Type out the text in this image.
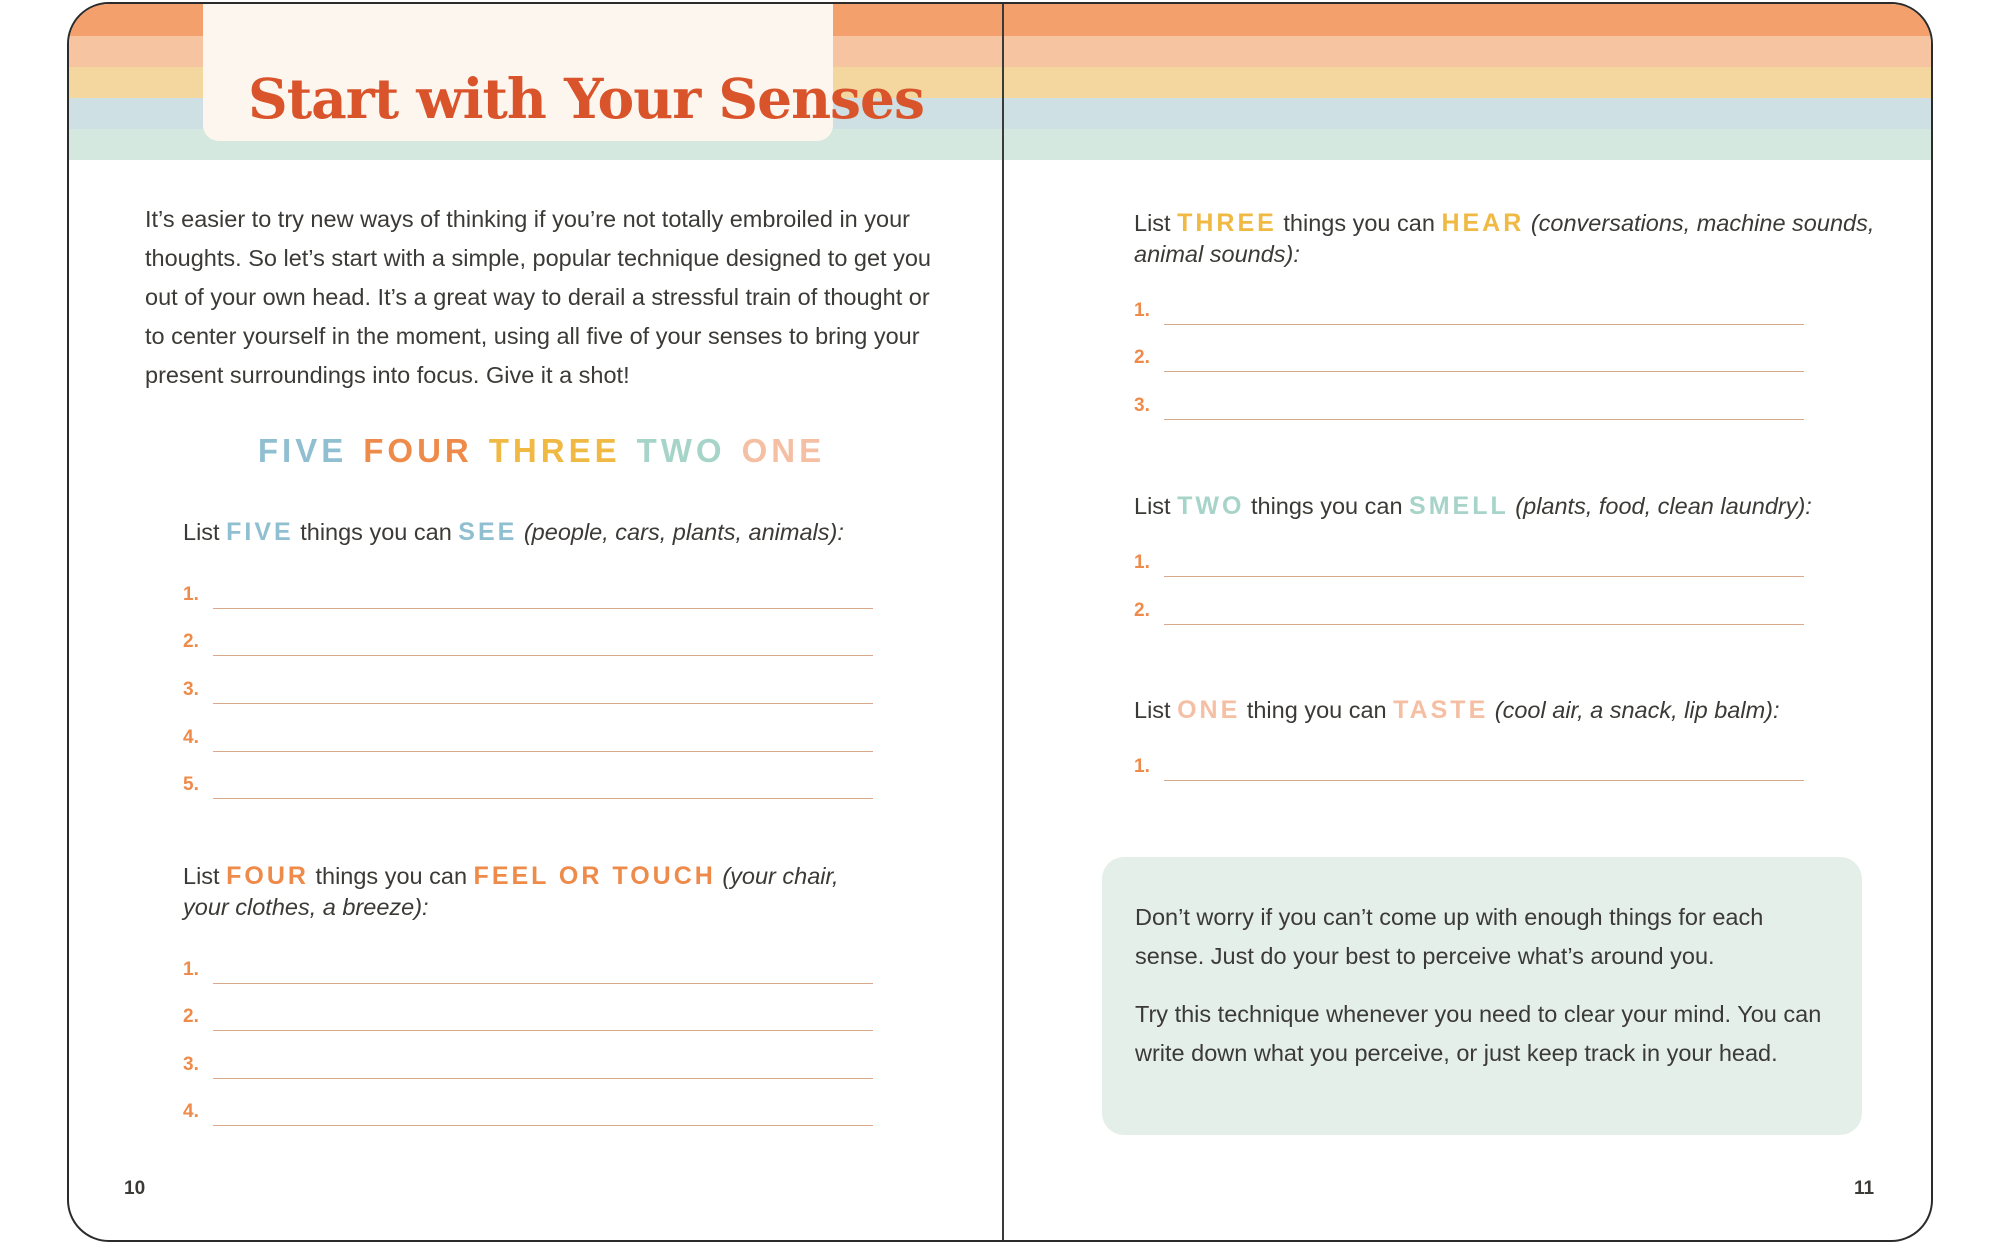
Start with Your Senses

It’s easier to try new ways of thinking if you’re not totally embroiled in your thoughts. So let’s start with a simple, popular technique designed to get you out of your own head. It’s a great way to derail a stressful train of thought or to center yourself in the moment, using all five of your senses to bring your present surroundings into focus. Give it a shot!

FIVE FOUR THREE TWO ONE

List FIVE things you can SEE (people, cars, plants, animals):

1.
2.
3.
4.
5.

List FOUR things you can FEEL OR TOUCH (your chair, your clothes, a breeze):

1.
2.
3.
4.

List THREE things you can HEAR (conversations, machine sounds, animal sounds):

1.
2.
3.

List TWO things you can SMELL (plants, food, clean laundry):

1.
2.

List ONE thing you can TASTE (cool air, a snack, lip balm):

1.

Don’t worry if you can’t come up with enough things for each sense. Just do your best to perceive what’s around you.

Try this technique whenever you need to clear your mind. You can write down what you perceive, or just keep track in your head.

10	11
